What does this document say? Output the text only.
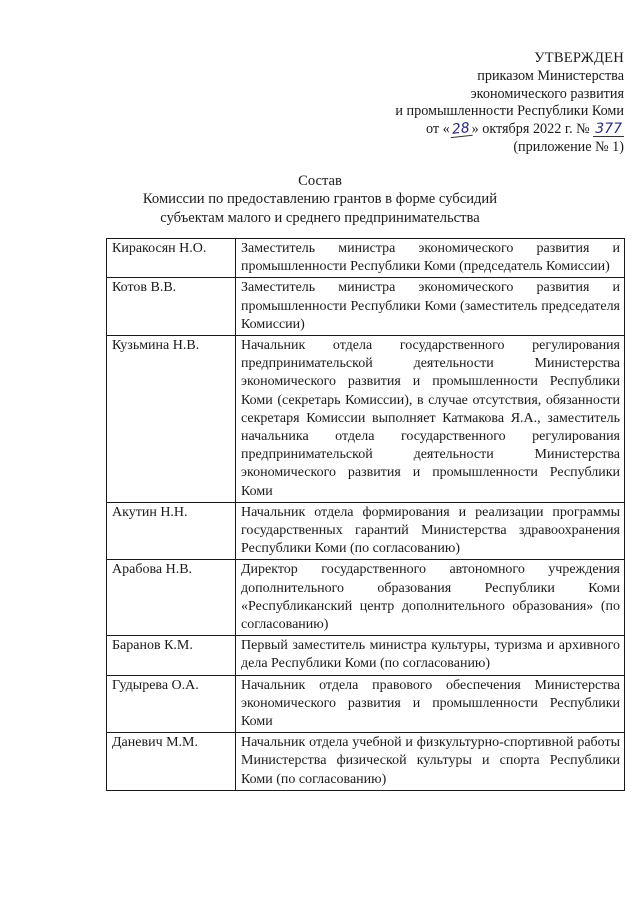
УТВЕРЖДЕН
приказом Министерства
экономического развития
и промышленности Республики Коми
от «28» октября 2022 г. № 377
(приложение № 1)
Состав
Комиссии по предоставлению грантов в форме субсидий
субъектам малого и среднего предпринимательства
Киракосян Н.О.	Заместитель министра экономического развития и промышленности Республики Коми (председатель Комиссии)
Котов В.В.	Заместитель министра экономического развития и промышленности Республики Коми (заместитель председателя Комиссии)
Кузьмина Н.В.	Начальник отдела государственного регулирования предпринимательской деятельности Министерства экономического развития и промышленности Республики Коми (секретарь Комиссии), в случае отсутствия, обязанности секретаря Комиссии выполняет Катмакова Я.А., заместитель начальника отдела государственного регулирования предпринимательской деятельности Министерства экономического развития и промышленности Республики Коми
Акутин Н.Н.	Начальник отдела формирования и реализации программы государственных гарантий Министерства здравоохранения Республики Коми (по согласованию)
Арабова Н.В.	Директор государственного автономного учреждения дополнительного образования Республики Коми «Республиканский центр дополнительного образования» (по согласованию)
Баранов К.М.	Первый заместитель министра культуры, туризма и архивного дела Республики Коми (по согласованию)
Гудырева О.А.	Начальник отдела правового обеспечения Министерства экономического развития и промышленности Республики Коми
Даневич М.М.	Начальник отдела учебной и физкультурно-спортивной работы Министерства физической культуры и спорта Республики Коми (по согласованию)
